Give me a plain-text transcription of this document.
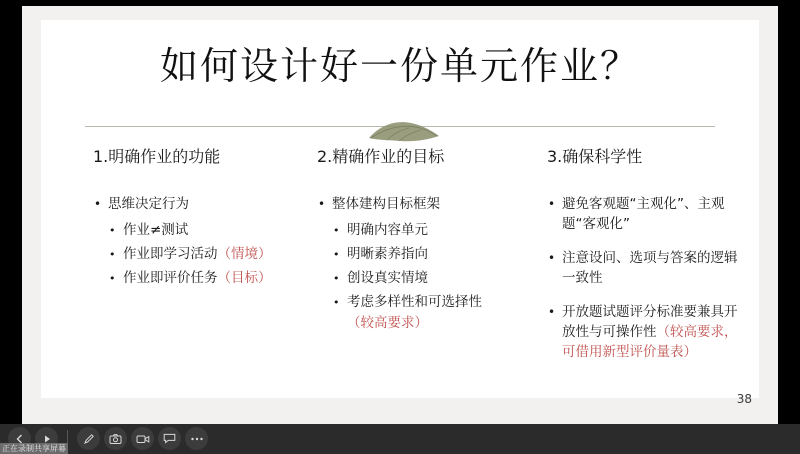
如何设计好一份单元作业？
1.明确作业的功能
• 思维决定行为
• 作业≠测试
• 作业即学习活动（情境）
• 作业即评价任务（目标）
2.精确作业的目标
• 整体建构目标框架
• 明确内容单元
• 明晰素养指向
• 创设真实情境
• 考虑多样性和可选择性
（较高要求）
3.确保科学性
• 避免客观题“主观化”、主观题“客观化”
• 注意设问、选项与答案的逻辑一致性
• 开放题试题评分标准要兼具开放性与可操作性（较高要求，可借用新型评价量表）
38
正在录制共享屏幕
